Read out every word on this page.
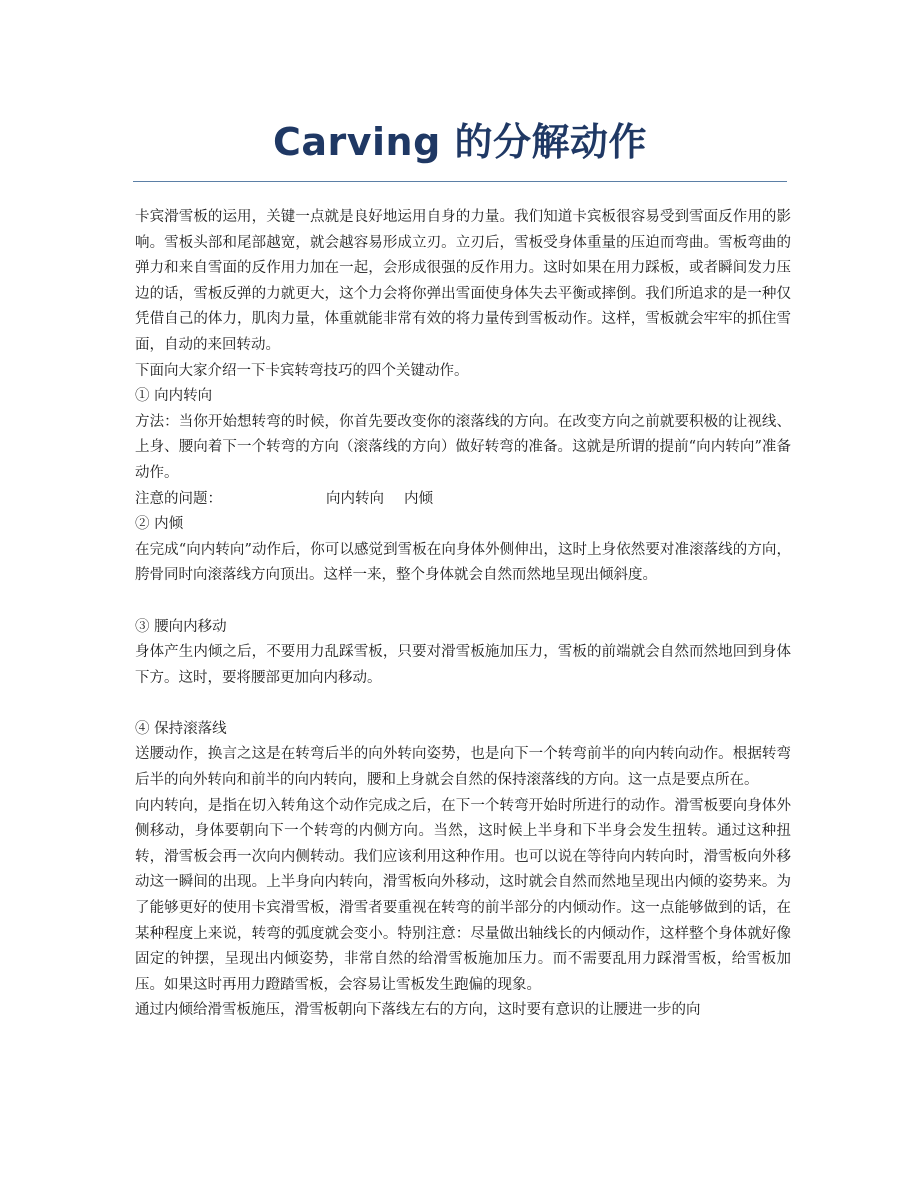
Carving 的分解动作

卡宾滑雪板的运用，关键一点就是良好地运用自身的力量。我们知道卡宾板很容易受到雪面反作用的影响。雪板头部和尾部越宽，就会越容易形成立刃。立刃后，雪板受身体重量的压迫而弯曲。雪板弯曲的弹力和来自雪面的反作用力加在一起，会形成很强的反作用力。这时如果在用力踩板，或者瞬间发力压边的话，雪板反弹的力就更大，这个力会将你弹出雪面使身体失去平衡或摔倒。我们所追求的是一种仅凭借自己的体力，肌肉力量，体重就能非常有效的将力量传到雪板动作。这样，雪板就会牢牢的抓住雪面，自动的来回转动。

下面向大家介绍一下卡宾转弯技巧的四个关键动作。

① 向内转向

方法：当你开始想转弯的时候，你首先要改变你的滚落线的方向。在改变方向之前就要积极的让视线、上身、腰向着下一个转弯的方向（滚落线的方向）做好转弯的准备。这就是所谓的提前“向内转向”准备动作。

注意的问题：	向内转向 内倾

② 内倾

在完成“向内转向”动作后，你可以感觉到雪板在向身体外侧伸出，这时上身依然要对准滚落线的方向，胯骨同时向滚落线方向顶出。这样一来，整个身体就会自然而然地呈现出倾斜度。

③ 腰向内移动

身体产生内倾之后，不要用力乱踩雪板，只要对滑雪板施加压力，雪板的前端就会自然而然地回到身体下方。这时，要将腰部更加向内移动。

④ 保持滚落线

送腰动作，换言之这是在转弯后半的向外转向姿势，也是向下一个转弯前半的向内转向动作。根据转弯后半的向外转向和前半的向内转向，腰和上身就会自然的保持滚落线的方向。这一点是要点所在。

向内转向，是指在切入转角这个动作完成之后，在下一个转弯开始时所进行的动作。滑雪板要向身体外侧移动，身体要朝向下一个转弯的内侧方向。当然，这时候上半身和下半身会发生扭转。通过这种扭转，滑雪板会再一次向内侧转动。我们应该利用这种作用。也可以说在等待向内转向时，滑雪板向外移动这一瞬间的出现。上半身向内转向，滑雪板向外移动，这时就会自然而然地呈现出内倾的姿势来。为了能够更好的使用卡宾滑雪板，滑雪者要重视在转弯的前半部分的内倾动作。这一点能够做到的话，在某种程度上来说，转弯的弧度就会变小。特别注意：尽量做出轴线长的内倾动作，这样整个身体就好像固定的钟摆，呈现出内倾姿势，非常自然的给滑雪板施加压力。而不需要乱用力踩滑雪板，给雪板加压。如果这时再用力蹬踏雪板，会容易让雪板发生跑偏的现象。

通过内倾给滑雪板施压，滑雪板朝向下落线左右的方向，这时要有意识的让腰进一步的向
